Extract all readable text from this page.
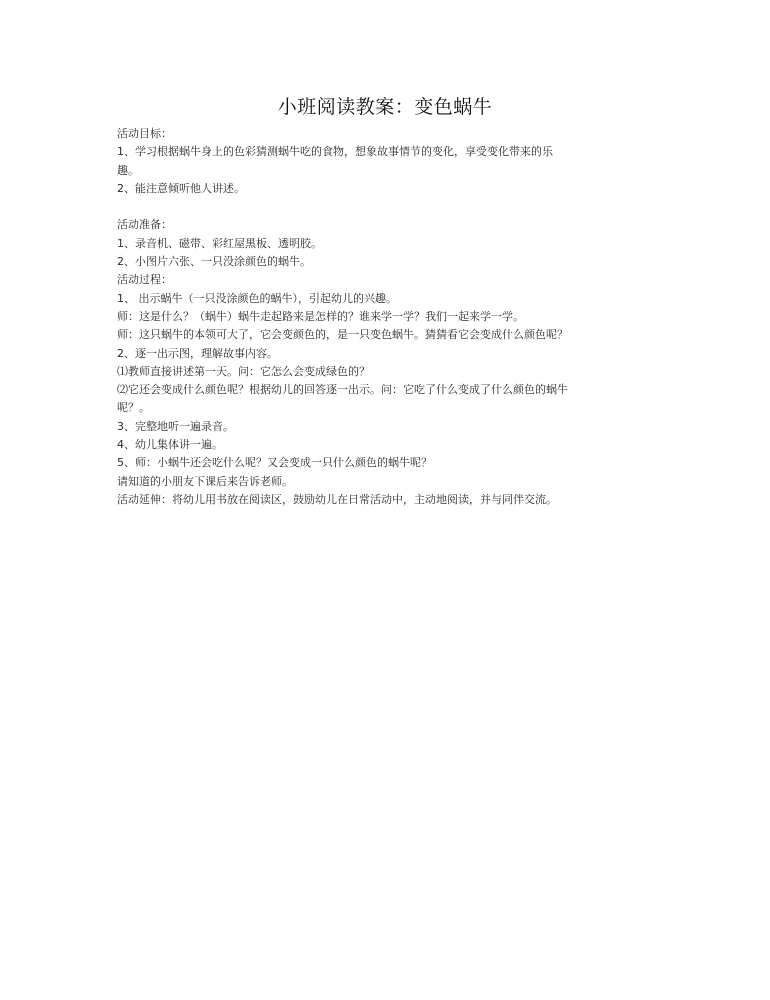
小班阅读教案：变色蜗牛
活动目标：
1、学习根据蜗牛身上的色彩猜测蜗牛吃的食物，想象故事情节的变化，享受变化带来的乐
趣。
2、能注意倾听他人讲述。
活动准备：
1、录音机、磁带、彩红屋黑板、透明胶。
2、小图片六张、一只没涂颜色的蜗牛。
活动过程：
1、 出示蜗牛（一只没涂颜色的蜗牛），引起幼儿的兴趣。
师：这是什么？（蜗牛）蜗牛走起路来是怎样的？谁来学一学？我们一起来学一学。
师：这只蜗牛的本领可大了，它会变颜色的，是一只变色蜗牛。猜猜看它会变成什么颜色呢？
2、逐一出示图，理解故事内容。
⑴教师直接讲述第一天。问：它怎么会变成绿色的？
⑵它还会变成什么颜色呢？根据幼儿的回答逐一出示。问：它吃了什么变成了什么颜色的蜗牛
呢？。
3、完整地听一遍录音。
4、幼儿集体讲一遍。
5、师：小蜗牛还会吃什么呢？又会变成一只什么颜色的蜗牛呢？
请知道的小朋友下课后来告诉老师。
活动延伸：将幼儿用书放在阅读区，鼓励幼儿在日常活动中，主动地阅读，并与同伴交流。
